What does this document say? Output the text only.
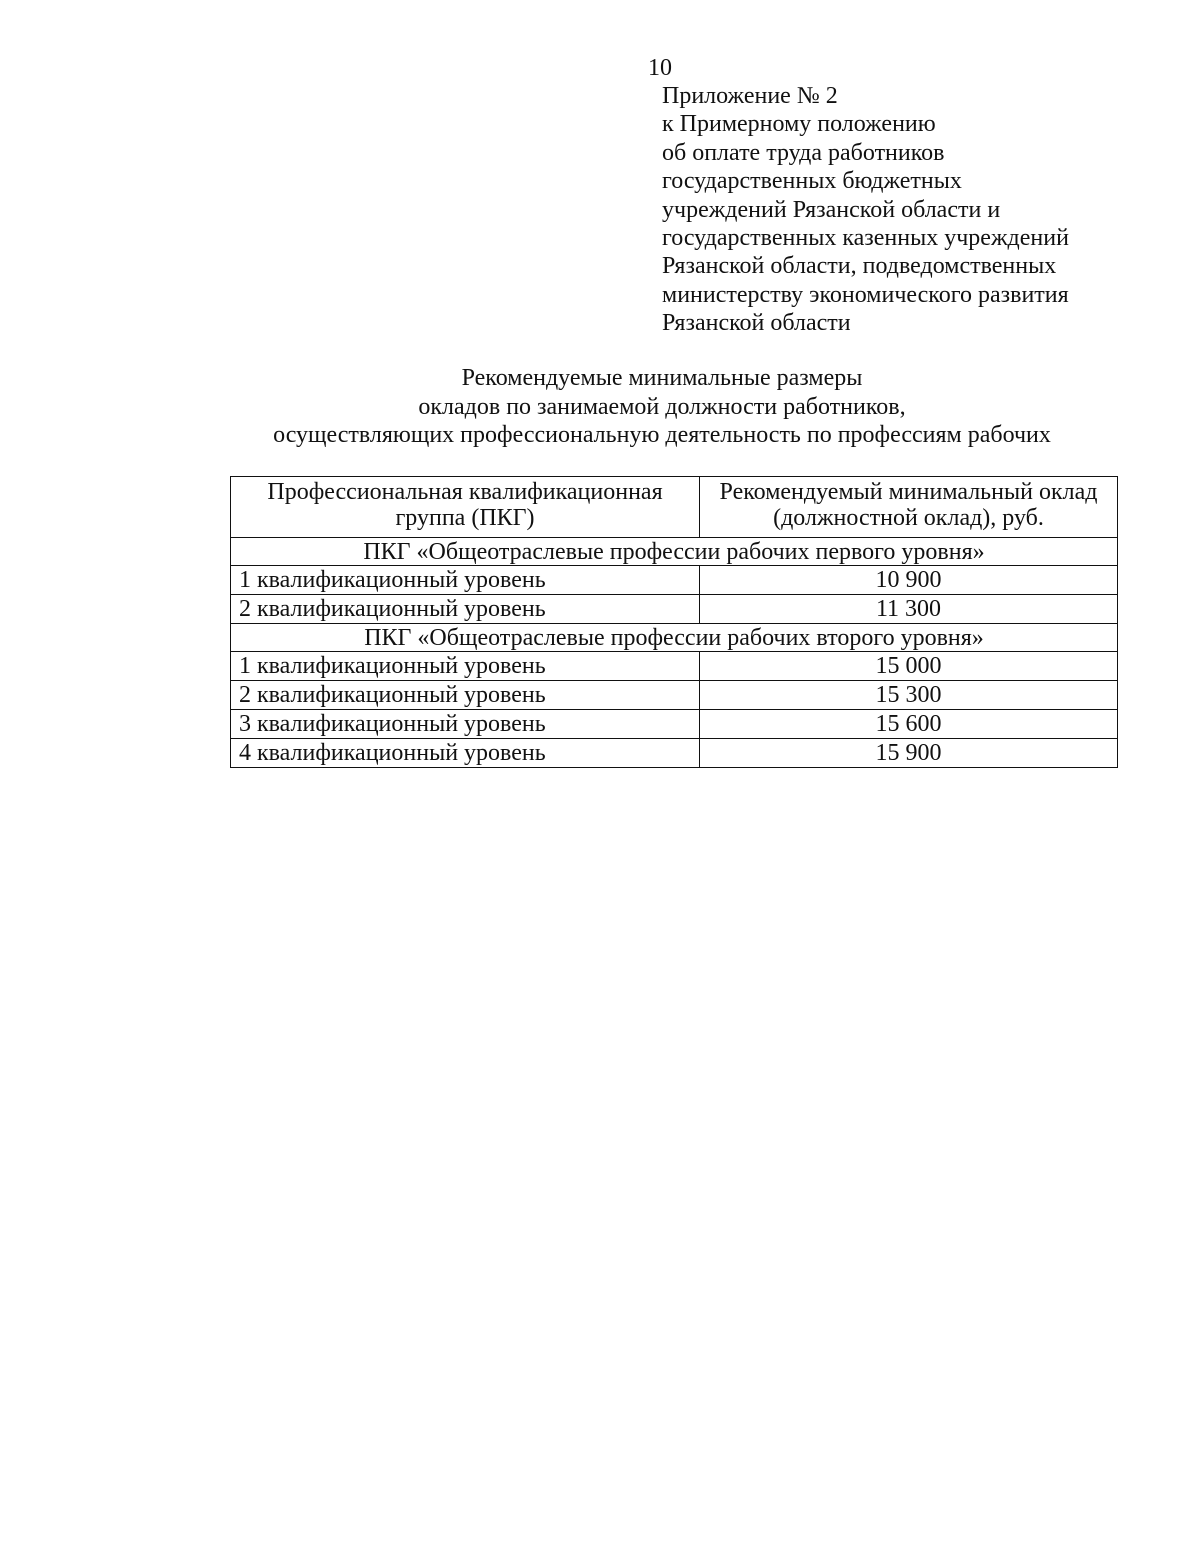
10
Приложение № 2
к Примерному положению
об оплате труда работников
государственных бюджетных
учреждений Рязанской области и
государственных казенных учреждений
Рязанской области, подведомственных
министерству экономического развития
Рязанской области
Рекомендуемые минимальные размеры
окладов по занимаемой должности работников,
осуществляющих профессиональную деятельность по профессиям рабочих
Профессиональная квалификационная группа (ПКГ)	Рекомендуемый минимальный оклад (должностной оклад), руб.
ПКГ «Общеотраслевые профессии рабочих первого уровня»	
1 квалификационный уровень	10 900
2 квалификационный уровень	11 300
ПКГ «Общеотраслевые профессии рабочих второго уровня»	
1 квалификационный уровень	15 000
2 квалификационный уровень	15 300
3 квалификационный уровень	15 600
4 квалификационный уровень	15 900
